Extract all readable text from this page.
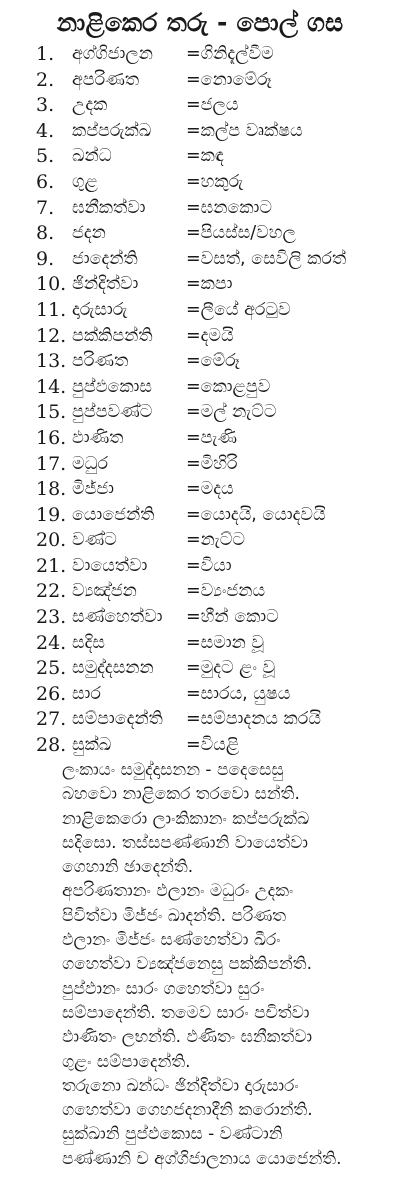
නාළිකෙර තරු - පොල් ගස
1. අග්ගිජාලන =ගිනිදැල්වීම
2. අපරිණත	=නොමේරූ
3. උදක	=ජලය
4. කප්පරුක්ඛ =කල්ප වෘක්ෂය
5. ඛන්ධ	=කඳ
6. ගුළ	=හකුරු
7. ඝනීකත්වා =ඝනකොට
8. ජදන	=පියස්ස/වහල
9. ජාදෙන්ති	=වසත්, සෙවිලි කරත්
10. ඡින්දිත්වා	=කපා
11. දාරුසාරු	=ලීයේ අරටුව
12. පක්කිපන්ති =දමයි
13. පරිණත	=මේරූ
14. පුප්ඵකොස =කොළපුව
15. පුප්පවණ්ට =මල් නැට්ට
16. ඵාණිත	=පැණි
17. මධුර	=මිහිරි
18. මිජ්ජා	=මදය
19. යොජෙන්ති =යොදයි, යොදවයි
20. වණ්ට	=නැට්ට
21. වායෙත්වා =වියා
22. ව්‍යඤ්ජන	=ව්‍යංජනය
23. සණ්හෙත්වා =හීන් කොට
24. සදිස	=සමාන වූ
25. සමුද්දසනන =මුදට ළං වූ
26. සාර	=සාරය, යුෂය
27. සම්පාදෙන්ති =සම්පාදනය කරයි
28. සුක්ඛ	=වියළි
ලංකායං සමුද්දාසනන - පදෙසෙසු
බහවො නාළිකෙර තරවො සන්ති.
නාළිකෙරො ලාංකිකානං කප්පරුක්ඛ
සදිසො. තස්සපණ්ණානි වායෙත්වා
ගෙහානි ඡාදෙන්ති.
අපරිණතානං ඵලානං මධුරං උදකං
පිවිත්වා මිජ්ජං ඛාදන්ති. පරිණත
ඵලානං මිජ්ජං සණ්හෙත්වා ඛීරං
ගහෙත්වා ව්‍යඤ්ජනෙසු පක්කිපන්ති.
පුප්ඵානං සාරං ගහෙත්වා සුරං
සම්පාදෙන්ති. තමෙව සාරං පචිත්වා
ඵාණිතං ලභන්ති. ඵණිතං ඝනීකත්වා
ගුළං සම්පාදෙන්ති.
තරුනො ඛන්ධං ඡින්දිත්වා දාරුසාරං
ගහෙත්වා ගෙහජදනාදීනි කරොන්ති.
සුක්ඛානි පුප්ඵකොස - වණ්ටානි
පණ්ණානි ච අග්ගිජාලනාය යොජෙන්ති.
